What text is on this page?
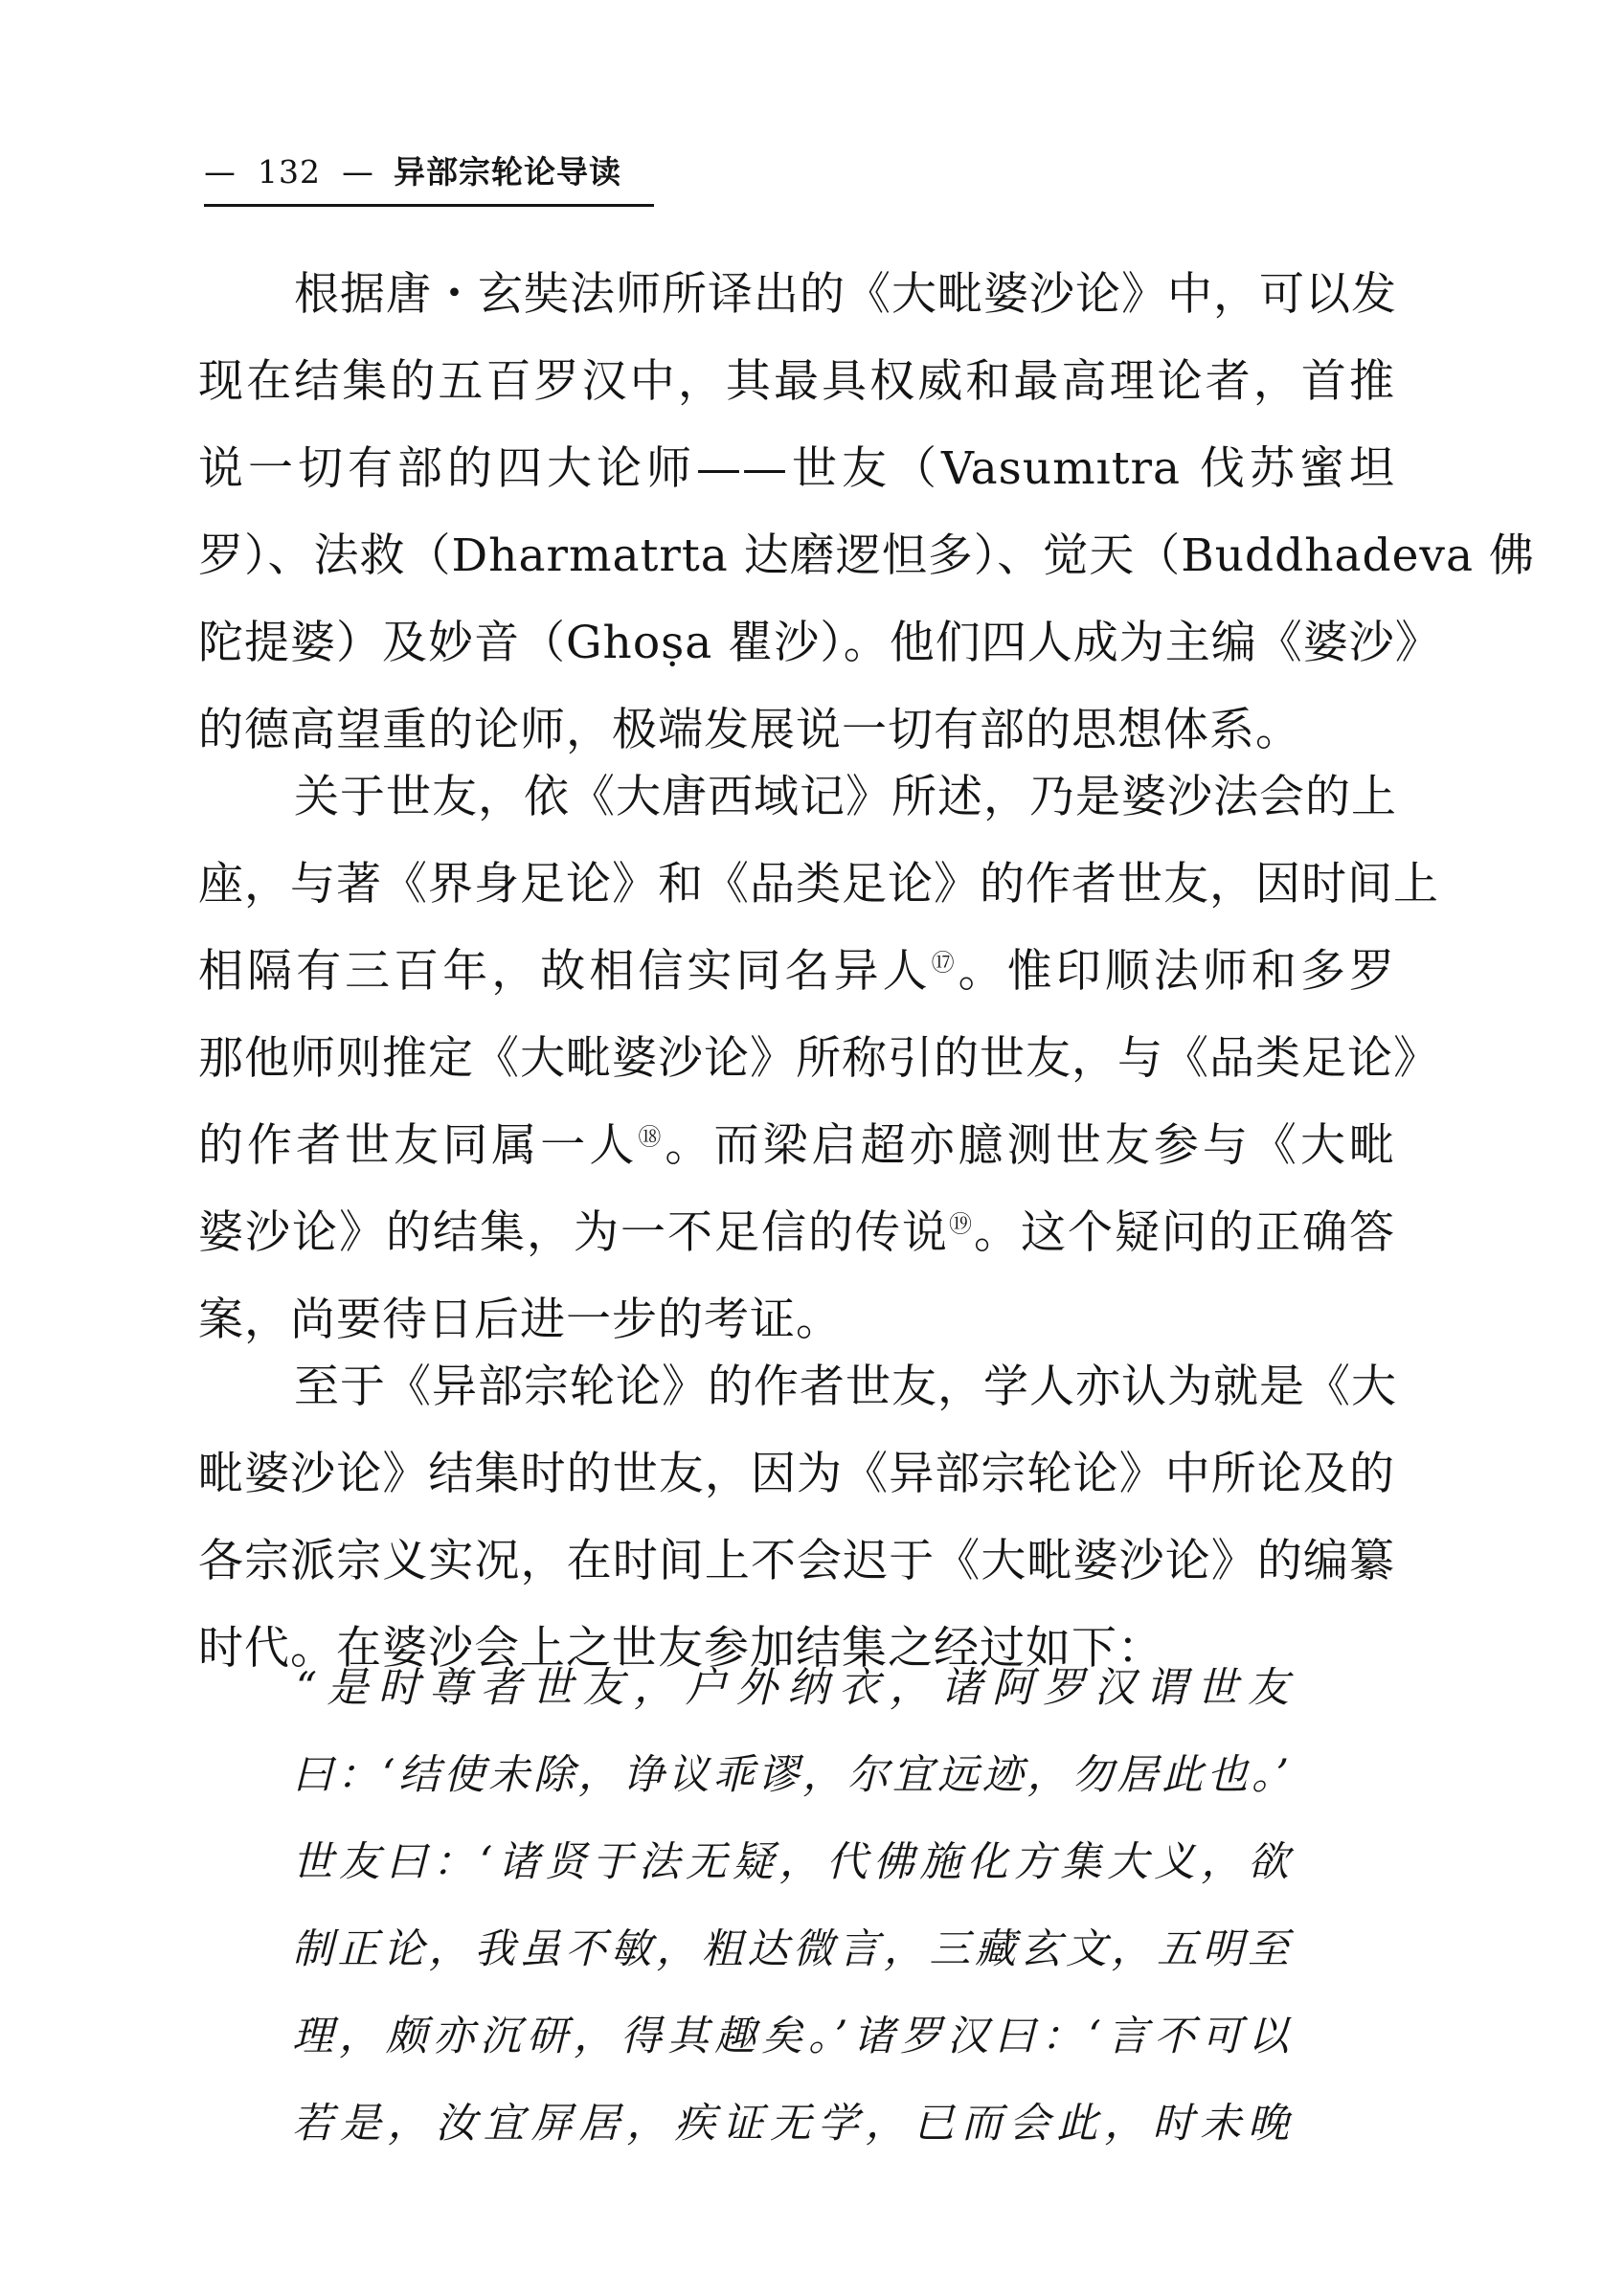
— 132 — 异部宗轮论导读
根据唐・玄奘法师所译出的《大毗婆沙论》中，可以发
现在结集的五百罗汉中，其最具权威和最高理论者，首推
说一切有部的四大论师——世友（Vasumıtra 伐苏蜜坦
罗）、法救（Dharmatrta 达磨逻怛多）、觉天（Buddhadeva 佛
陀提婆）及妙音（Ghoṣa 瞿沙）。他们四人成为主编《婆沙》
的德高望重的论师，极端发展说一切有部的思想体系。
关于世友，依《大唐西域记》所述，乃是婆沙法会的上
座，与著《界身足论》和《品类足论》的作者世友，因时间上
相隔有三百年，故相信实同名异人⑰。惟印顺法师和多罗
那他师则推定《大毗婆沙论》所称引的世友，与《品类足论》
的作者世友同属一人⑱。而梁启超亦臆测世友参与《大毗
婆沙论》的结集，为一不足信的传说⑲。这个疑问的正确答
案，尚要待日后进一步的考证。
至于《异部宗轮论》的作者世友，学人亦认为就是《大
毗婆沙论》结集时的世友，因为《异部宗轮论》中所论及的
各宗派宗义实况，在时间上不会迟于《大毗婆沙论》的编纂
时代。在婆沙会上之世友参加结集之经过如下：
“是时尊者世友，户外纳衣，诸阿罗汉谓世友
曰：‘结使未除，诤议乖谬，尔宜远迹，勿居此也。’
世友曰：‘诸贤于法无疑，代佛施化方集大义，欲
制正论，我虽不敏，粗达微言，三藏玄文，五明至
理，颇亦沉研，得其趣矣。’诸罗汉曰：‘言不可以
若是，汝宜屏居，疾证无学，已而会此，时未晚
